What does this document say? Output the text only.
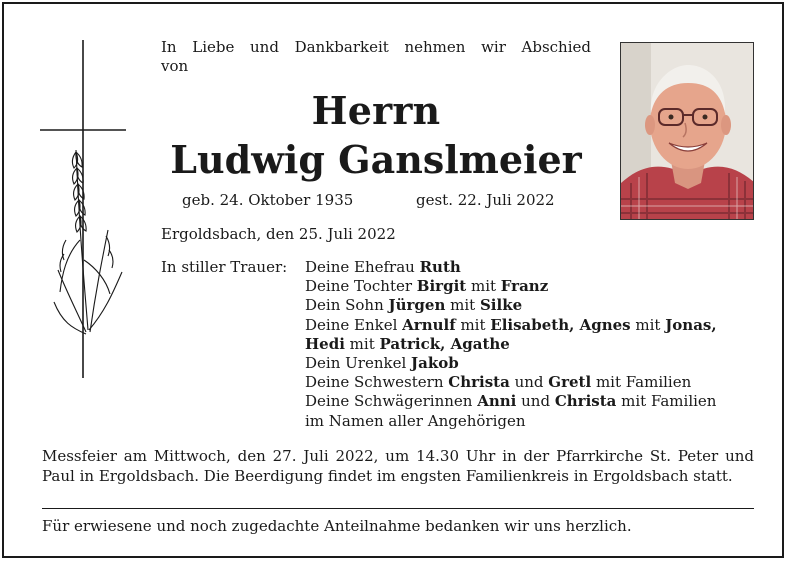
In Liebe und Dankbarkeit nehmen wir Abschied
von
Herrn
Ludwig Ganslmeier
geb. 24. Oktober 1935	gest. 22. Juli 2022
Ergoldsbach, den 25. Juli 2022
In stiller Trauer: Deine Ehefrau Ruth
Deine Tochter Birgit mit Franz
Dein Sohn Jürgen mit Silke
Deine Enkel Arnulf mit Elisabeth, Agnes mit Jonas,
Hedi mit Patrick, Agathe
Dein Urenkel Jakob
Deine Schwestern Christa und Gretl mit Familien
Deine Schwägerinnen Anni und Christa mit Familien
im Namen aller Angehörigen
Messfeier am Mittwoch, den 27. Juli 2022, um 14.30 Uhr in der Pfarrkirche St. Peter und Paul in Ergoldsbach. Die Beerdigung findet im engsten Familienkreis in Ergoldsbach statt.
Für erwiesene und noch zugedachte Anteilnahme bedanken wir uns herzlich.
